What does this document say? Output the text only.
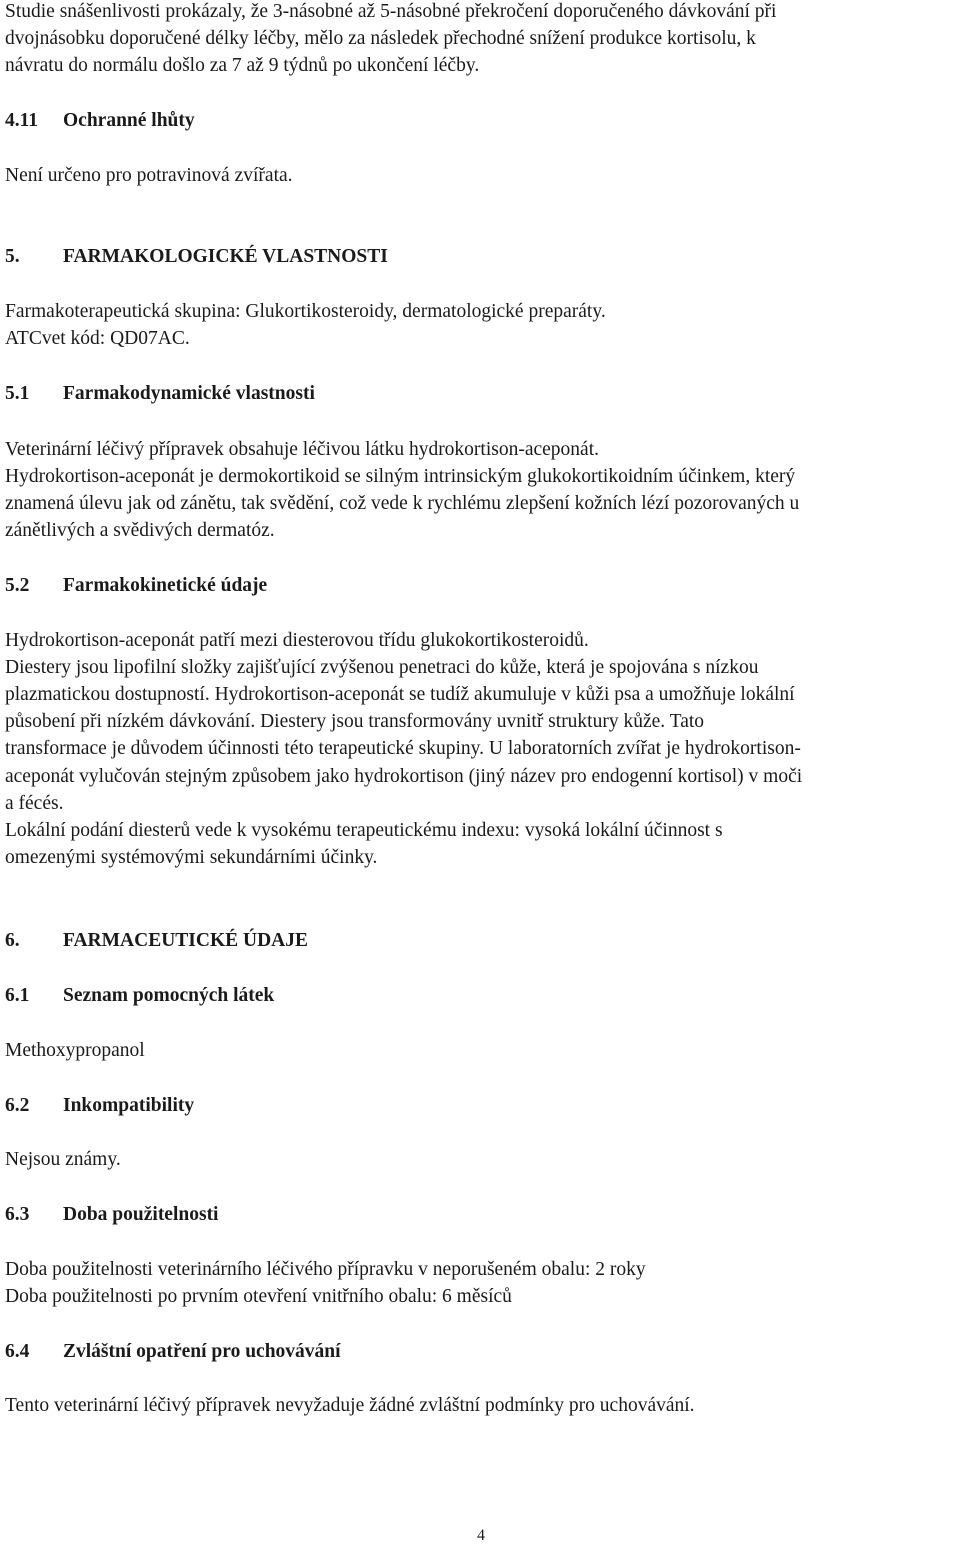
Studie snášenlivosti prokázaly, že 3-násobné až 5-násobné překročení doporučeného dávkování při
dvojnásobku doporučené délky léčby, mělo za následek přechodné snížení produkce kortisolu, k
návratu do normálu došlo za 7 až 9 týdnů po ukončení léčby.
4.11 Ochranné lhůty
Není určeno pro potravinová zvířata.
5. FARMAKOLOGICKÉ VLASTNOSTI
Farmakoterapeutická skupina: Glukortikosteroidy, dermatologické preparáty.
ATCvet kód: QD07AC.
5.1 Farmakodynamické vlastnosti
Veterinární léčivý přípravek obsahuje léčivou látku hydrokortison-aceponát.
Hydrokortison-aceponát je dermokortikoid se silným intrinsickým glukokortikoidním účinkem, který
znamená úlevu jak od zánětu, tak svědění, což vede k rychlému zlepšení kožních lézí pozorovaných u
zánětlivých a svědivých dermatóz.
5.2 Farmakokinetické údaje
Hydrokortison-aceponát patří mezi diesterovou třídu glukokortikosteroidů.
Diestery jsou lipofilní složky zajišťující zvýšenou penetraci do kůže, která je spojována s nízkou
plazmatickou dostupností. Hydrokortison-aceponát se tudíž akumuluje v kůži psa a umožňuje lokální
působení při nízkém dávkování. Diestery jsou transformovány uvnitř struktury kůže. Tato
transformace je důvodem účinnosti této terapeutické skupiny. U laboratorních zvířat je hydrokortison-
aceponát vylučován stejným způsobem jako hydrokortison (jiný název pro endogenní kortisol) v moči
a fécés.
Lokální podání diesterů vede k vysokému terapeutickému indexu: vysoká lokální účinnost s
omezenými systémovými sekundárními účinky.
6. FARMACEUTICKÉ ÚDAJE
6.1 Seznam pomocných látek
Methoxypropanol
6.2 Inkompatibility
Nejsou známy.
6.3 Doba použitelnosti
Doba použitelnosti veterinárního léčivého přípravku v neporušeném obalu: 2 roky
Doba použitelnosti po prvním otevření vnitřního obalu: 6 měsíců
6.4 Zvláštní opatření pro uchovávání
Tento veterinární léčivý přípravek nevyžaduje žádné zvláštní podmínky pro uchovávání.
4
